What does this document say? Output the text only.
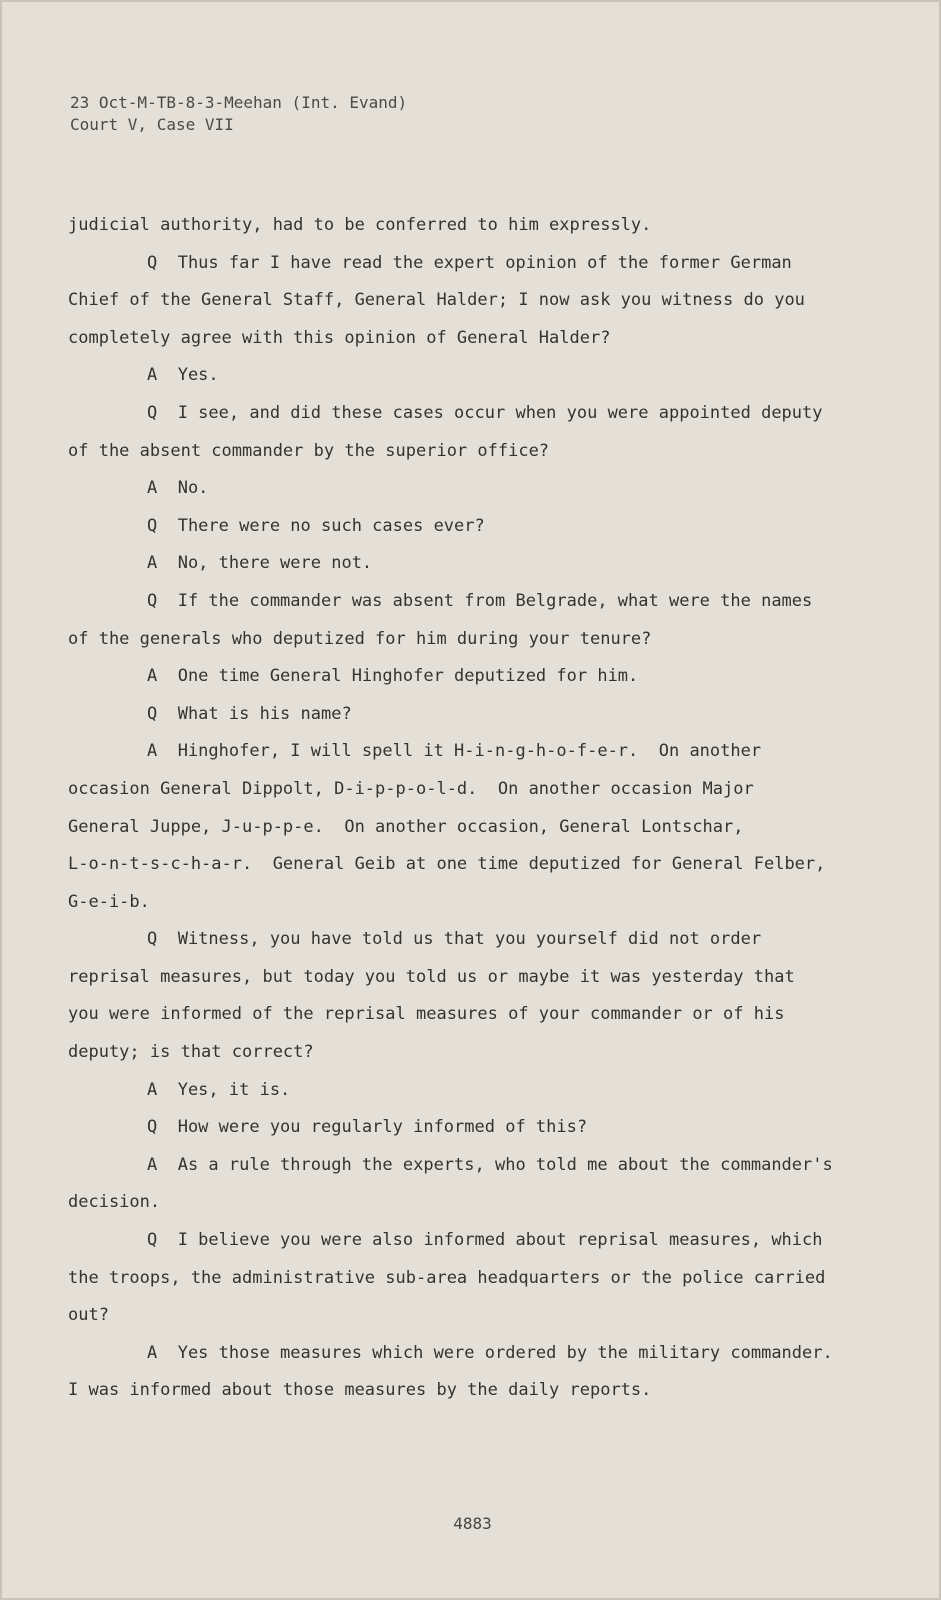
23 Oct-M-TB-8-3-Meehan (Int. Evand)
Court V, Case VII
judicial authority, had to be conferred to him expressly.
Q  Thus far I have read the expert opinion of the former German
Chief of the General Staff, General Halder; I now ask you witness do you
completely agree with this opinion of General Halder?
A  Yes.
Q  I see, and did these cases occur when you were appointed deputy
of the absent commander by the superior office?
A  No.
Q  There were no such cases ever?
A  No, there were not.
Q  If the commander was absent from Belgrade, what were the names
of the generals who deputized for him during your tenure?
A  One time General Hinghofer deputized for him.
Q  What is his name?
A  Hinghofer, I will spell it H-i-n-g-h-o-f-e-r.  On another
occasion General Dippolt, D-i-p-p-o-l-d.  On another occasion Major
General Juppe, J-u-p-p-e.  On another occasion, General Lontschar,
L-o-n-t-s-c-h-a-r.  General Geib at one time deputized for General Felber,
G-e-i-b.
Q  Witness, you have told us that you yourself did not order
reprisal measures, but today you told us or maybe it was yesterday that
you were informed of the reprisal measures of your commander or of his
deputy; is that correct?
A  Yes, it is.
Q  How were you regularly informed of this?
A  As a rule through the experts, who told me about the commander's
decision.
Q  I believe you were also informed about reprisal measures, which
the troops, the administrative sub-area headquarters or the police carried
out?
A  Yes those measures which were ordered by the military commander.
I was informed about those measures by the daily reports.
4883
